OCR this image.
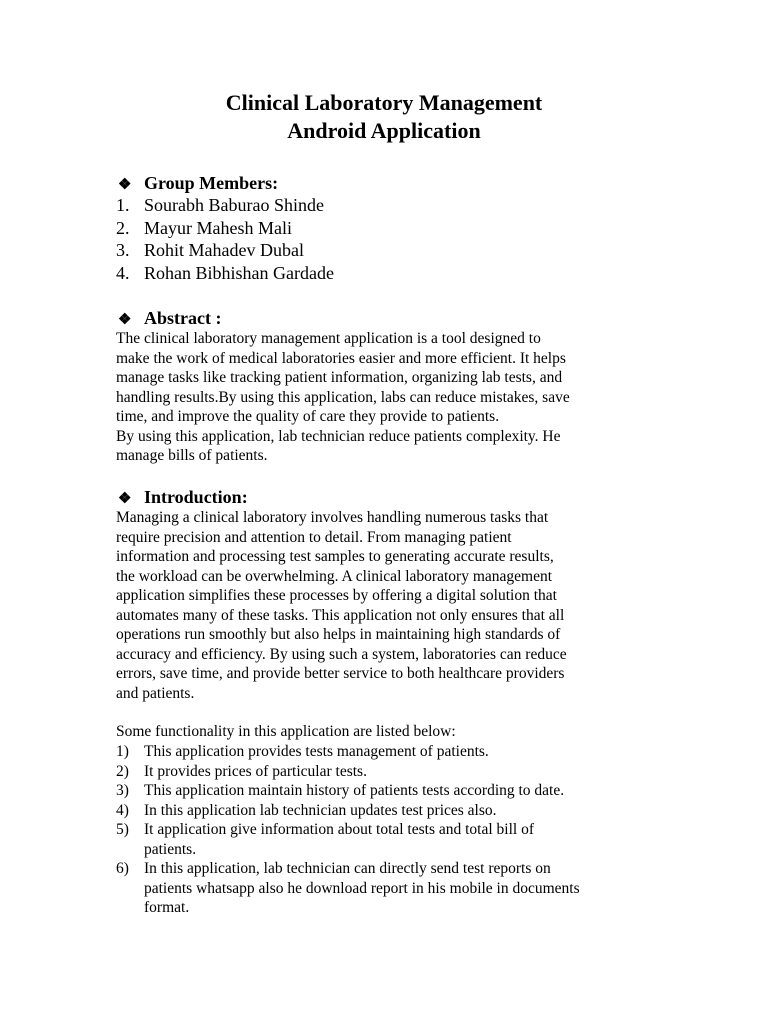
Clinical Laboratory Management
Android Application
❖ Group Members:
1. Sourabh Baburao Shinde
2. Mayur Mahesh Mali
3. Rohit Mahadev Dubal
4. Rohan Bibhishan Gardade
❖ Abstract :

The clinical laboratory management application is a tool designed to
make the work of medical laboratories easier and more efficient. It helps
manage tasks like tracking patient information, organizing lab tests, and
handling results.By using this application, labs can reduce mistakes, save
time, and improve the quality of care they provide to patients.
By using this application, lab technician reduce patients complexity. He
manage bills of patients.

❖ Introduction:

Managing a clinical laboratory involves handling numerous tasks that
require precision and attention to detail. From managing patient
information and processing test samples to generating accurate results,
the workload can be overwhelming. A clinical laboratory management
application simplifies these processes by offering a digital solution that
automates many of these tasks. This application not only ensures that all
operations run smoothly but also helps in maintaining high standards of
accuracy and efficiency. By using such a system, laboratories can reduce
errors, save time, and provide better service to both healthcare providers
and patients.

Some functionality in this application are listed below:

1) This application provides tests management of patients.
2) It provides prices of particular tests.
3) This application maintain history of patients tests according to date.
4) In this application lab technician updates test prices also.
5) It application give information about total tests and total bill of
patients.
6) In this application, lab technician can directly send test reports on
patients whatsapp also he download report in his mobile in documents
format.
